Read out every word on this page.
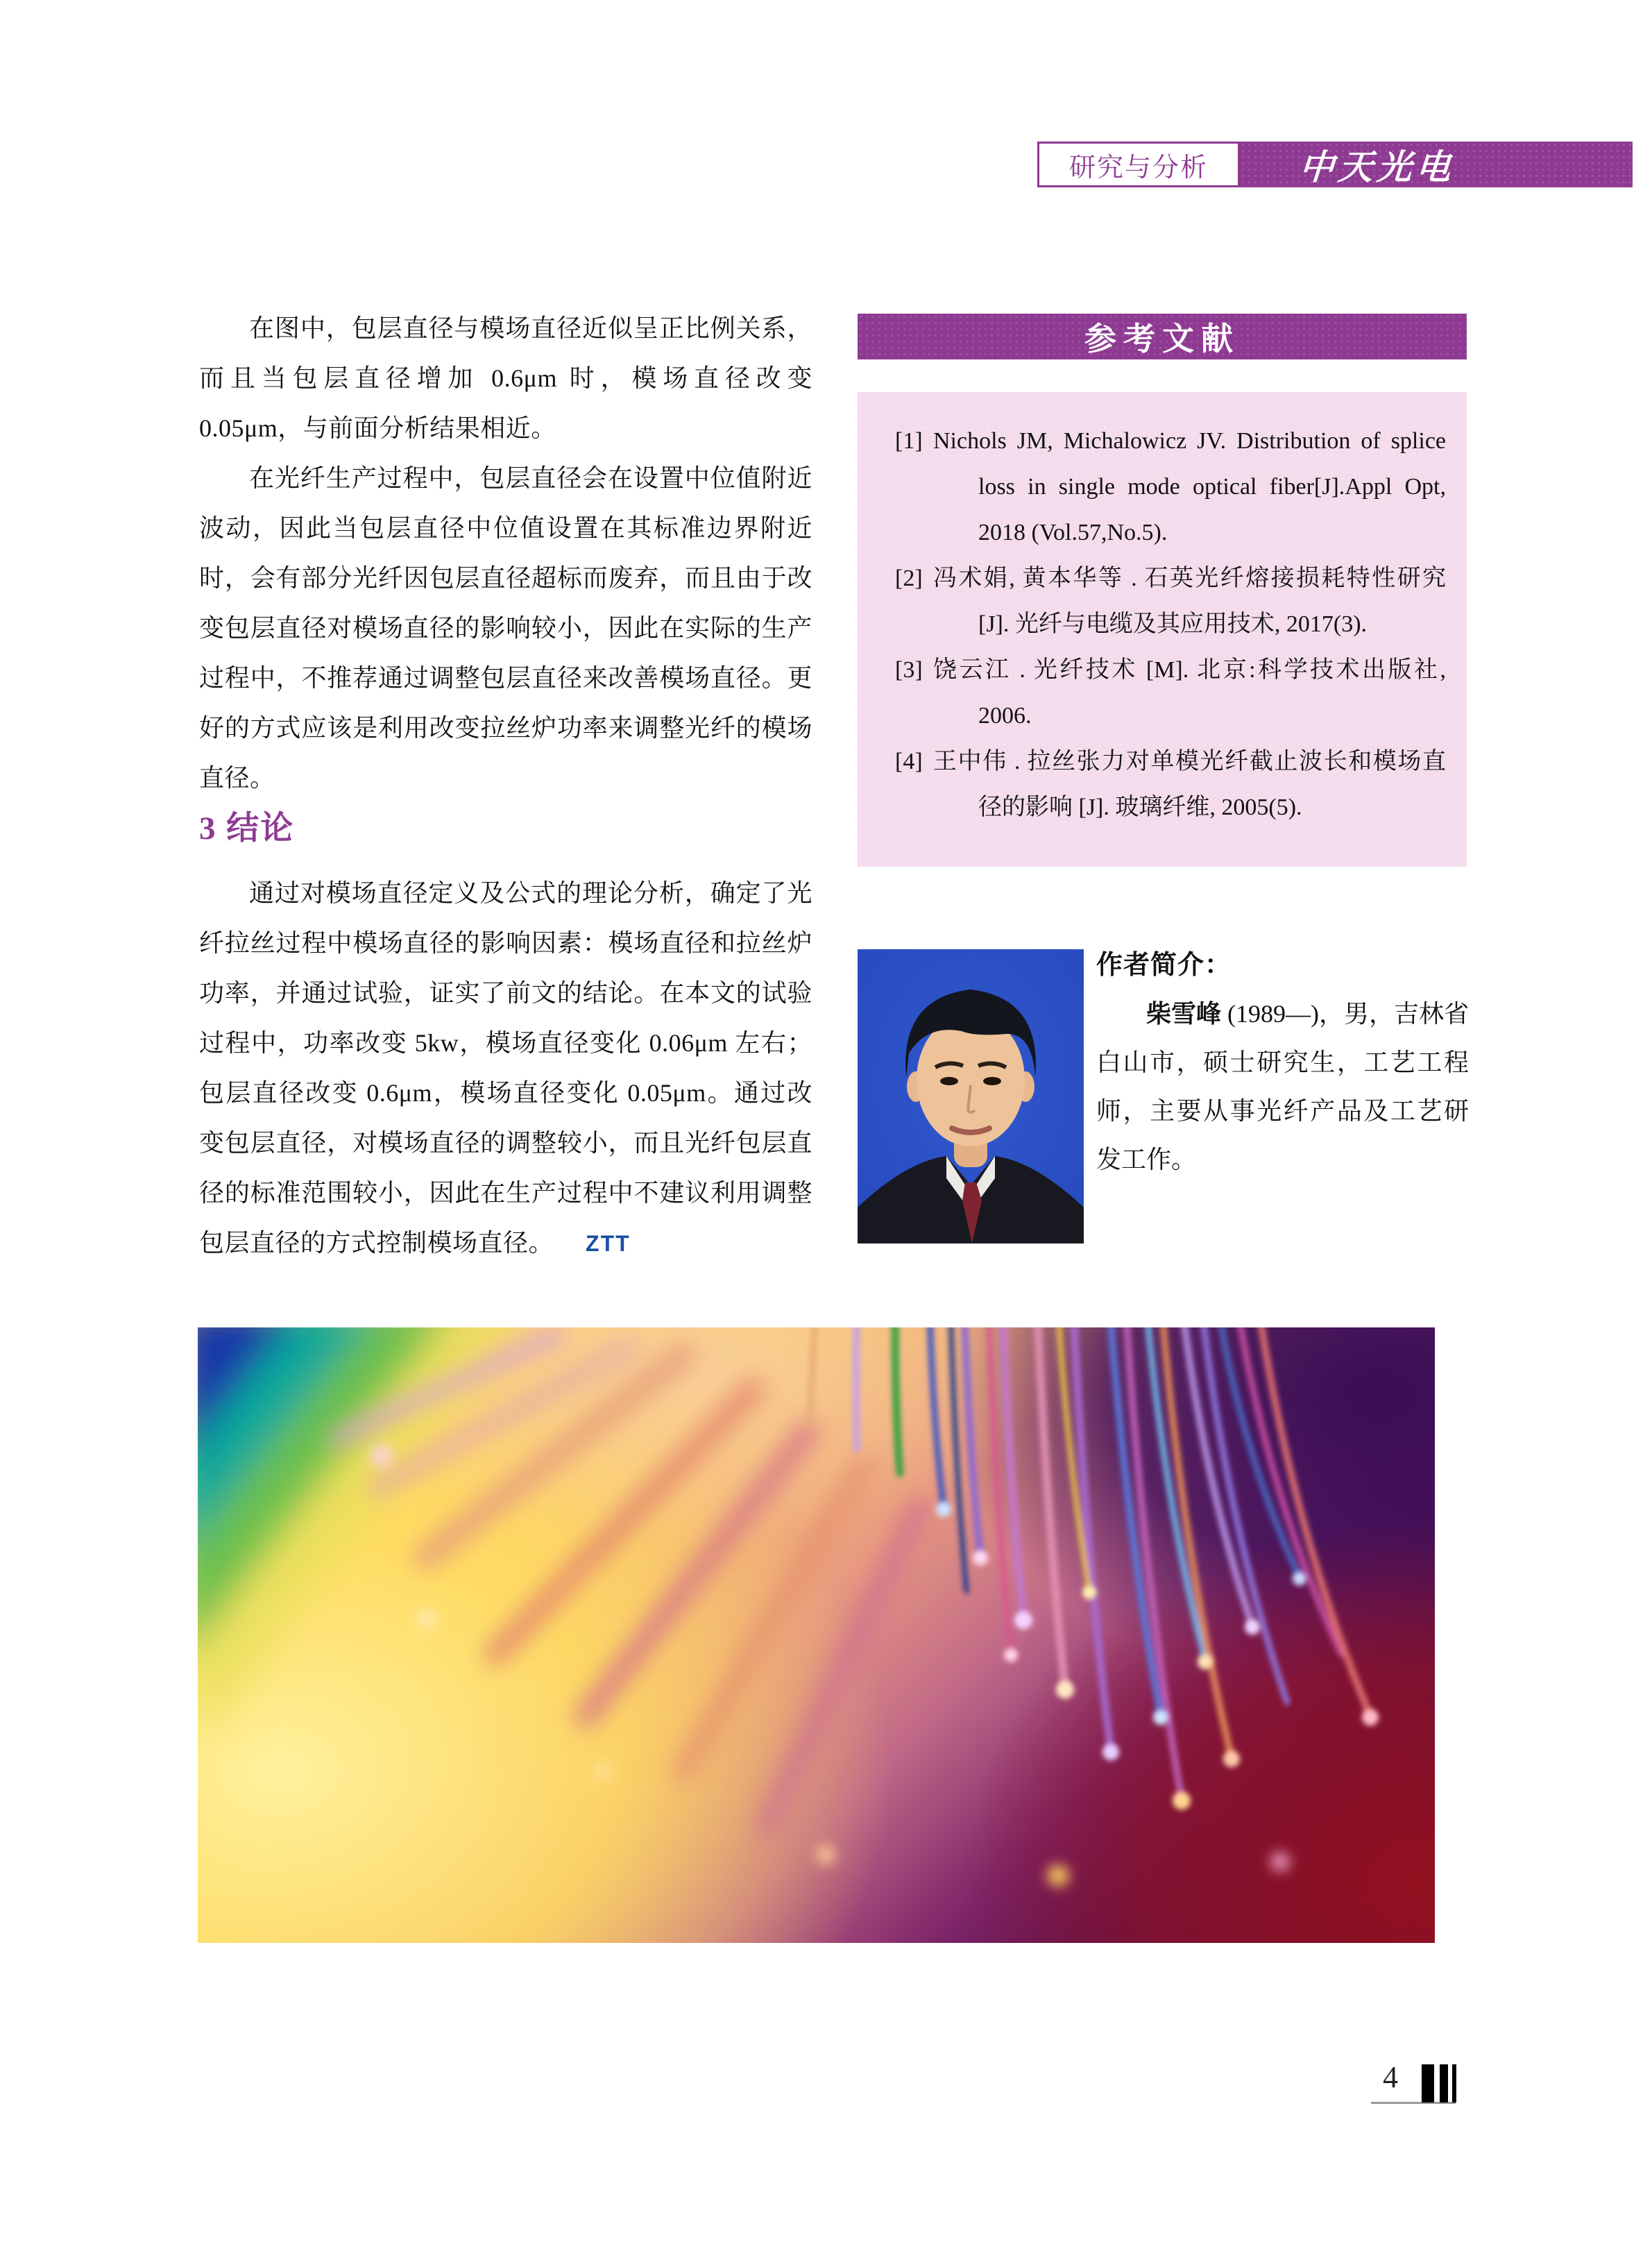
研究与分析	中天光电

在图中，包层直径与模场直径近似呈正比例关系，而且当包层直径增加 0.6μm 时，模场直径改变 0.05μm，与前面分析结果相近。

在光纤生产过程中，包层直径会在设置中位值附近波动，因此当包层直径中位值设置在其标准边界附近时，会有部分光纤因包层直径超标而废弃，而且由于改变包层直径对模场直径的影响较小，因此在实际的生产过程中，不推荐通过调整包层直径来改善模场直径。更好的方式应该是利用改变拉丝炉功率来调整光纤的模场直径。

3 结论

通过对模场直径定义及公式的理论分析，确定了光纤拉丝过程中模场直径的影响因素：模场直径和拉丝炉功率，并通过试验，证实了前文的结论。在本文的试验过程中，功率改变 5kw，模场直径变化 0.06μm 左右；包层直径改变 0.6μm，模场直径变化 0.05μm。通过改变包层直径，对模场直径的调整较小，而且光纤包层直径的标准范围较小，因此在生产过程中不建议利用调整包层直径的方式控制模场直径。 ZTT

参考文献
[1] Nichols JM, Michalowicz JV. Distribution of splice loss in single mode optical fiber[J].Appl Opt, 2018 (Vol.57,No.5).
[2] 冯术娟, 黄本华等 . 石英光纤熔接损耗特性研究 [J]. 光纤与电缆及其应用技术, 2017(3).
[3] 饶云江 . 光纤技术 [M]. 北京:科学技术出版社, 2006.
[4] 王中伟 . 拉丝张力对单模光纤截止波长和模场直径的影响 [J]. 玻璃纤维, 2005(5).
作者简介：

柴雪峰 (1989—)，男，吉林省白山市，硕士研究生，工艺工程师，主要从事光纤产品及工艺研发工作。

4
